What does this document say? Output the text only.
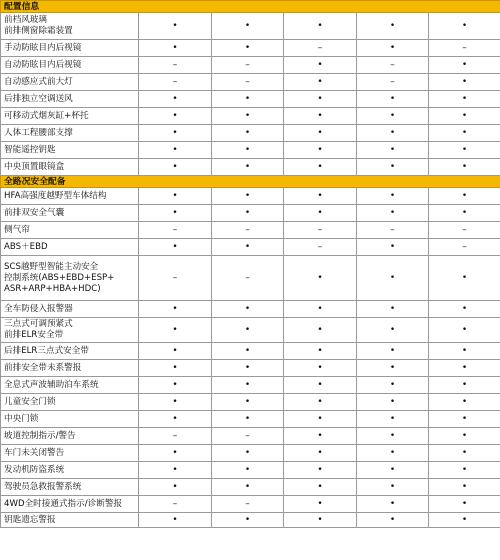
配置信息					
前档风玻璃
前排侧窗除霜装置	•	•	•	•	•
手动防眩目内后视镜	•	•	–	•	–
自动防眩目内后视镜	–	–	•	–	•
自动感应式前大灯	–	–	•	–	•
后排独立空调送风	•	•	•	•	•
可移动式烟灰缸+杯托	•	•	•	•	•
人体工程腰部支撑	•	•	•	•	•
智能遥控钥匙	•	•	•	•	•
中央顶置眼镜盒	•	•	•	•	•
全路况安全配备					
HFA高强度越野型车体结构	•	•	•	•	•
前排双安全气囊	•	•	•	•	•
侧气帘	–	–	–	–	–
ABS＋EBD	•	•	–	•	–
SCS越野型智能主动安全
控制系统(ABS+EBD+ESP+
ASR+ARP+HBA+HDC)	–	–	•	•	•
全车防侵入报警器	•	•	•	•	•
三点式可调预紧式
前排ELR安全带	•	•	•	•	•
后排ELR三点式安全带	•	•	•	•	•
前排安全带未系警报	•	•	•	•	•
全息式声波辅助泊车系统	•	•	•	•	•
儿童安全门锁	•	•	•	•	•
中央门锁	•	•	•	•	•
坡道控制指示/警告	–	–	•	•	•
车门未关闭警告	•	•	•	•	•
发动机防盗系统	•	•	•	•	•
驾驶员急救报警系统	•	•	•	•	•
4WD全时接通式指示/诊断警报	–	–	•	•	•
钥匙遗忘警报	•	•	•	•	•
